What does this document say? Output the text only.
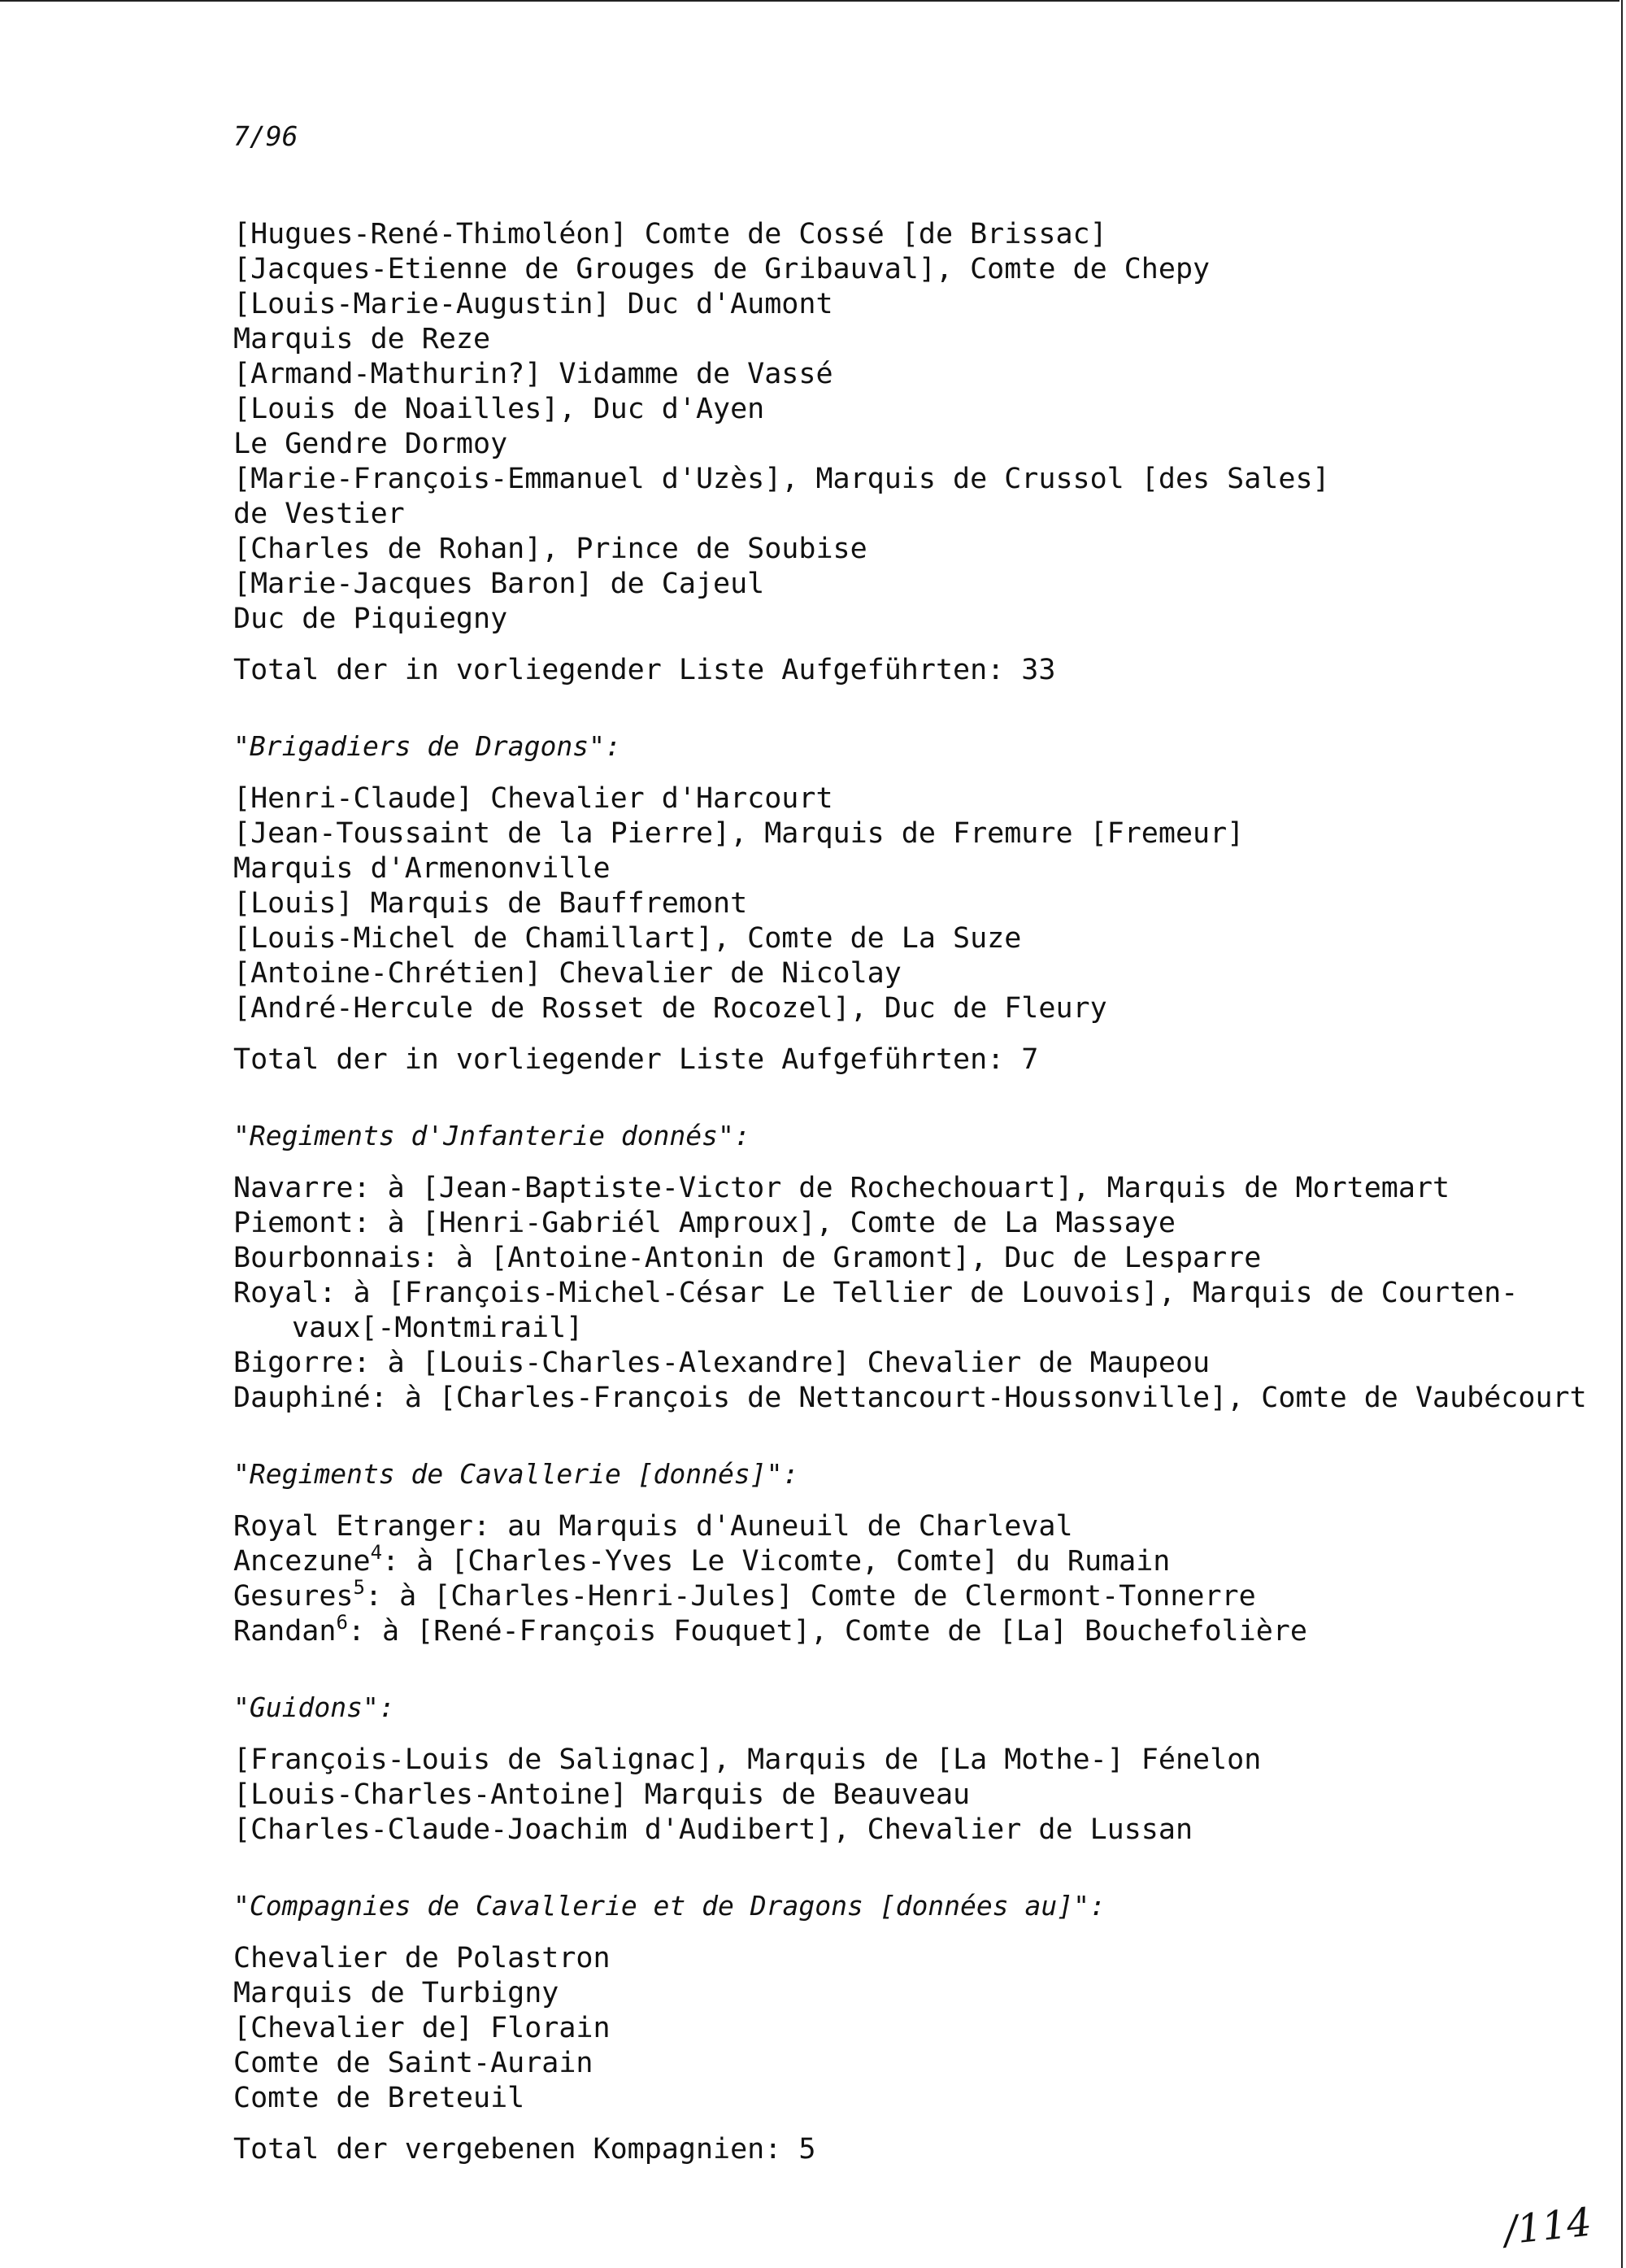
7/96
[Hugues-René-Thimoléon] Comte de Cossé [de Brissac]
[Jacques-Etienne de Grouges de Gribauval], Comte de Chepy
[Louis-Marie-Augustin] Duc d'Aumont
Marquis de Reze
[Armand-Mathurin?] Vidamme de Vassé
[Louis de Noailles], Duc d'Ayen
Le Gendre Dormoy
[Marie-François-Emmanuel d'Uzès], Marquis de Crussol [des Sales]
de Vestier
[Charles de Rohan], Prince de Soubise
[Marie-Jacques Baron] de Cajeul
Duc de Piquiegny
Total der in vorliegender Liste Aufgeführten: 33
"Brigadiers de Dragons":
[Henri-Claude] Chevalier d'Harcourt
[Jean-Toussaint de la Pierre], Marquis de Fremure [Fremeur]
Marquis d'Armenonville
[Louis] Marquis de Bauffremont
[Louis-Michel de Chamillart], Comte de La Suze
[Antoine-Chrétien] Chevalier de Nicolay
[André-Hercule de Rosset de Rocozel], Duc de Fleury
Total der in vorliegender Liste Aufgeführten: 7
"Regiments d'Jnfanterie donnés":
Navarre: à [Jean-Baptiste-Victor de Rochechouart], Marquis de Mortemart
Piemont: à [Henri-Gabriél Amproux], Comte de La Massaye
Bourbonnais: à [Antoine-Antonin de Gramont], Duc de Lesparre
Royal: à [François-Michel-César Le Tellier de Louvois], Marquis de Courten-
vaux[-Montmirail]
Bigorre: à [Louis-Charles-Alexandre] Chevalier de Maupeou
Dauphiné: à [Charles-François de Nettancourt-Houssonville], Comte de Vaubécourt
"Regiments de Cavallerie [donnés]":
Royal Etranger: au Marquis d'Auneuil de Charleval
Ancezune$^4$: à [Charles-Yves Le Vicomte, Comte] du Rumain
Gesures$^5$: à [Charles-Henri-Jules] Comte de Clermont-Tonnerre
Randan$^6$: à [René-François Fouquet], Comte de [La] Bouchefolière
"Guidons":
[François-Louis de Salignac], Marquis de [La Mothe-] Fénelon
[Louis-Charles-Antoine] Marquis de Beauveau
[Charles-Claude-Joachim d'Audibert], Chevalier de Lussan
"Compagnies de Cavallerie et de Dragons [données au]":
Chevalier de Polastron
Marquis de Turbigny
[Chevalier de] Florain
Comte de Saint-Aurain
Comte de Breteuil
Total der vergebenen Kompagnien: 5
/114
